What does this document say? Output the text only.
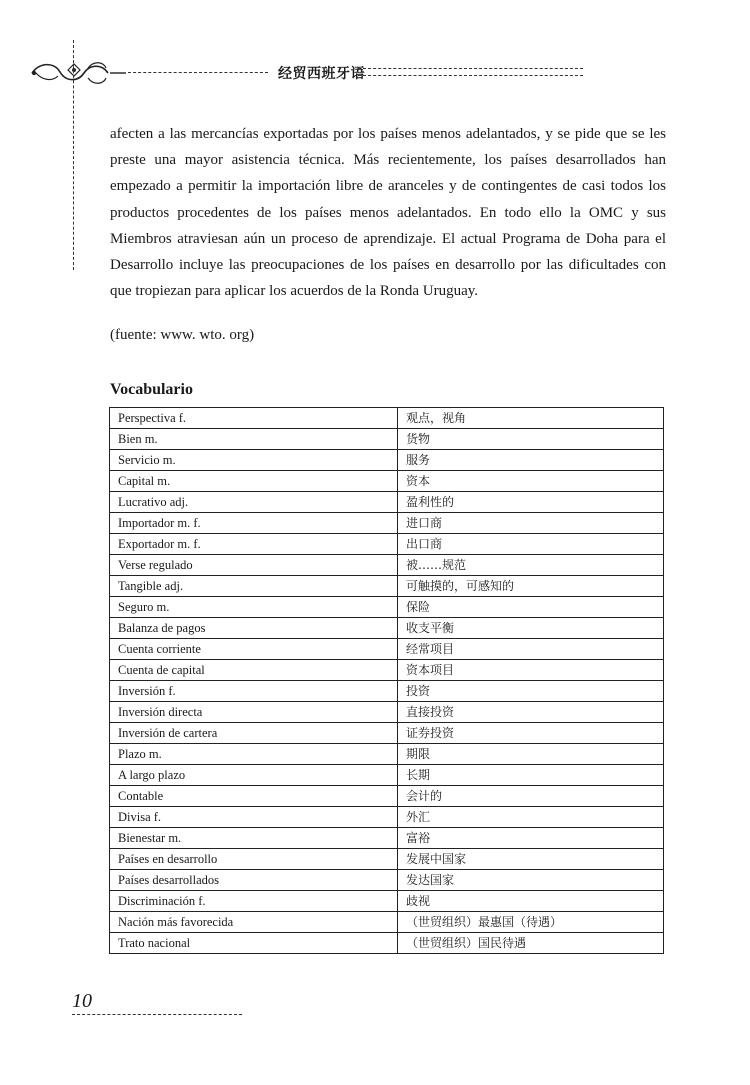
经贸西班牙语

afecten a las mercancías exportadas por los países menos adelantados, y se pide que se les preste una mayor asistencia técnica. Más recientemente, los países desarrollados han empezado a permitir la importación libre de aranceles y de contingentes de casi todos los productos procedentes de los países menos adelantados. En todo ello la OMC y sus Miembros atraviesan aún un proceso de aprendizaje. El actual Programa de Doha para el Desarrollo incluye las preocupaciones de los países en desarrollo por las dificultades con que tropiezan para aplicar los acuerdos de la Ronda Uruguay.

(fuente: www. wto. org)
Vocabulario
Perspectiva f.	观点，视角
Bien m.	货物
Servicio m.	服务
Capital m.	资本
Lucrativo adj.	盈利性的
Importador m. f.	进口商
Exportador m. f.	出口商
Verse regulado	被……规范
Tangible adj.	可触摸的，可感知的
Seguro m.	保险
Balanza de pagos	收支平衡
Cuenta corriente	经常项目
Cuenta de capital	资本项目
Inversión f.	投资
Inversión directa	直接投资
Inversión de cartera	证券投资
Plazo m.	期限
A largo plazo	长期
Contable	会计的
Divisa f.	外汇
Bienestar m.	富裕
Países en desarrollo	发展中国家
Países desarrollados	发达国家
Discriminación f.	歧视
Nación más favorecida	（世贸组织）最惠国（待遇）
Trato nacional	（世贸组织）国民待遇
10
